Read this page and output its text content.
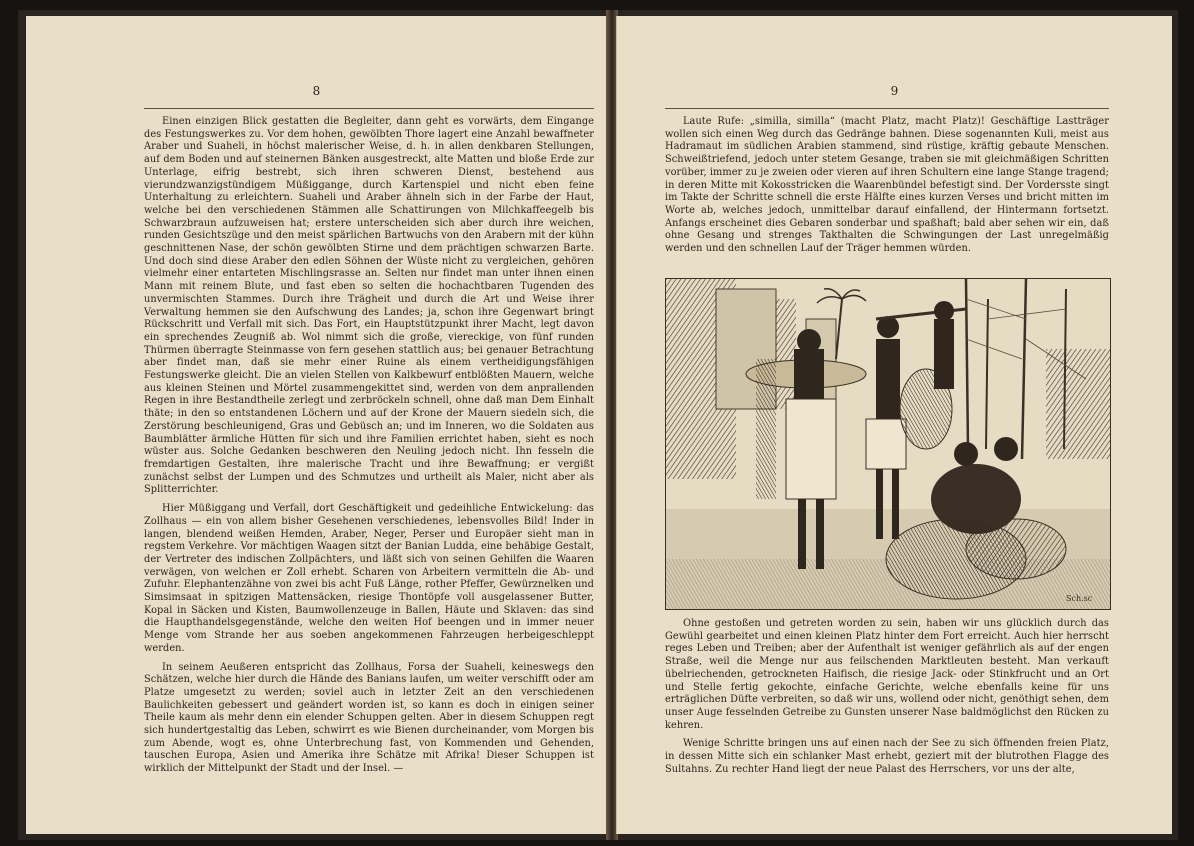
8

Einen einzigen Blick gestatten die Begleiter, dann geht es vorwärts, dem Eingange des Festungswerkes zu. Vor dem hohen, gewölbten Thore lagert eine Anzahl bewaffneter Araber und Suaheli, in höchst malerischer Weise, d. h. in allen denkbaren Stellungen, auf dem Boden und auf steinernen Bänken ausgestreckt, alte Matten und bloße Erde zur Unterlage, eifrig bestrebt, sich ihren schweren Dienst, bestehend aus vierundzwanzigstündigem Müßiggange, durch Kartenspiel und nicht eben feine Unterhaltung zu erleichtern. Suaheli und Araber ähneln sich in der Farbe der Haut, welche bei den verschiedenen Stämmen alle Schattirungen von Milchkaffeegelb bis Schwarzbraun aufzuweisen hat; erstere unterscheiden sich aber durch ihre weichen, runden Gesichtszüge und den meist spärlichen Bartwuchs von den Arabern mit der kühn geschnittenen Nase, der schön gewölbten Stirne und dem prächtigen schwarzen Barte. Und doch sind diese Araber den edlen Söhnen der Wüste nicht zu vergleichen, gehören vielmehr einer entarteten Mischlingsrasse an. Selten nur findet man unter ihnen einen Mann mit reinem Blute, und fast eben so selten die hochachtbaren Tugenden des unvermischten Stammes. Durch ihre Trägheit und durch die Art und Weise ihrer Verwaltung hemmen sie den Aufschwung des Landes; ja, schon ihre Gegenwart bringt Rückschritt und Verfall mit sich. Das Fort, ein Hauptstützpunkt ihrer Macht, legt davon ein sprechendes Zeugniß ab. Wol nimmt sich die große, viereckige, von fünf runden Thürmen überragte Steinmasse von fern gesehen stattlich aus; bei genauer Betrachtung aber findet man, daß sie mehr einer Ruine als einem vertheidigungsfähigen Festungswerke gleicht. Die an vielen Stellen von Kalkbewurf entblößten Mauern, welche aus kleinen Steinen und Mörtel zusammengekittet sind, werden von dem anprallenden Regen in ihre Bestandtheile zerlegt und zerbröckeln schnell, ohne daß man Dem Einhalt thäte; in den so entstandenen Löchern und auf der Krone der Mauern siedeln sich, die Zerstörung beschleunigend, Gras und Gebüsch an; und im Inneren, wo die Soldaten aus Baumblätter ärmliche Hütten für sich und ihre Familien errichtet haben, sieht es noch wüster aus. Solche Gedanken beschweren den Neuling jedoch nicht. Ihn fesseln die fremdartigen Gestalten, ihre malerische Tracht und ihre Bewaffnung; er vergißt zunächst selbst der Lumpen und des Schmutzes und urtheilt als Maler, nicht aber als Splitterrichter.

Hier Müßiggang und Verfall, dort Geschäftigkeit und gedeihliche Entwickelung: das Zollhaus — ein von allem bisher Gesehenen verschiedenes, lebensvolles Bild! Inder in langen, blendend weißen Hemden, Araber, Neger, Perser und Europäer sieht man in regstem Verkehre. Vor mächtigen Waagen sitzt der Banian Ludda, eine behäbige Gestalt, der Vertreter des indischen Zollpächters, und läßt sich von seinen Gehilfen die Waaren verwägen, von welchen er Zoll erhebt. Scharen von Arbeitern vermitteln die Ab- und Zufuhr. Elephantenzähne von zwei bis acht Fuß Länge, rother Pfeffer, Gewürznelken und Simsimsaat in spitzigen Mattensäcken, riesige Thontöpfe voll ausgelassener Butter, Kopal in Säcken und Kisten, Baumwollenzeuge in Ballen, Häute und Sklaven: das sind die Haupthandelsgegenstände, welche den weiten Hof beengen und in immer neuer Menge vom Strande her aus soeben angekommenen Fahrzeugen herbeigeschleppt werden.

In seinem Aeußeren entspricht das Zollhaus, Forsa der Suaheli, keineswegs den Schätzen, welche hier durch die Hände des Banians laufen, um weiter verschifft oder am Platze umgesetzt zu werden; soviel auch in letzter Zeit an den verschiedenen Baulichkeiten gebessert und geändert worden ist, so kann es doch in einigen seiner Theile kaum als mehr denn ein elender Schuppen gelten. Aber in diesem Schuppen regt sich hundertgestaltig das Leben, schwirrt es wie Bienen durcheinander, vom Morgen bis zum Abende, wogt es, ohne Unterbrechung fast, von Kommenden und Gehenden, tauschen Europa, Asien und Amerika ihre Schätze mit Afrika! Dieser Schuppen ist wirklich der Mittelpunkt der Stadt und der Insel. —

9

Laute Rufe: „similla, similla“ (macht Platz, macht Platz)! Geschäftige Lastträger wollen sich einen Weg durch das Gedränge bahnen. Diese sogenannten Kuli, meist aus Hadramaut im südlichen Arabien stammend, sind rüstige, kräftig gebaute Menschen. Schweißtriefend, jedoch unter stetem Gesange, traben sie mit gleichmäßigen Schritten vorüber, immer zu je zweien oder vieren auf ihren Schultern eine lange Stange tragend; in deren Mitte mit Kokosstricken die Waarenbündel befestigt sind. Der Vordersste singt im Takte der Schritte schnell die erste Hälfte eines kurzen Verses und bricht mitten im Worte ab, welches jedoch, unmittelbar darauf einfallend, der Hintermann fortsetzt. Anfangs erscheinet dies Gebaren sonderbar und spaßhaft; bald aber sehen wir ein, daß ohne Gesang und strenges Takthalten die Schwingungen der Last unregelmäßig werden und den schnellen Lauf der Träger hemmen würden.

Sch.sc

Ohne gestoßen und getreten worden zu sein, haben wir uns glücklich durch das Gewühl gearbeitet und einen kleinen Platz hinter dem Fort erreicht. Auch hier herrscht reges Leben und Treiben; aber der Aufenthalt ist weniger gefährlich als auf der engen Straße, weil die Menge nur aus feilschenden Marktleuten besteht. Man verkauft übelriechenden, getrockneten Haifisch, die riesige Jack- oder Stinkfrucht und an Ort und Stelle fertig gekochte, einfache Gerichte, welche ebenfalls keine für uns erträglichen Düfte verbreiten, so daß wir uns, wollend oder nicht, genöthigt sehen, dem unser Auge fesselnden Getreibe zu Gunsten unserer Nase baldmöglichst den Rücken zu kehren.

Wenige Schritte bringen uns auf einen nach der See zu sich öffnenden freien Platz, in dessen Mitte sich ein schlanker Mast erhebt, geziert mit der blutrothen Flagge des Sultahns. Zu rechter Hand liegt der neue Palast des Herrschers, vor uns der alte,
